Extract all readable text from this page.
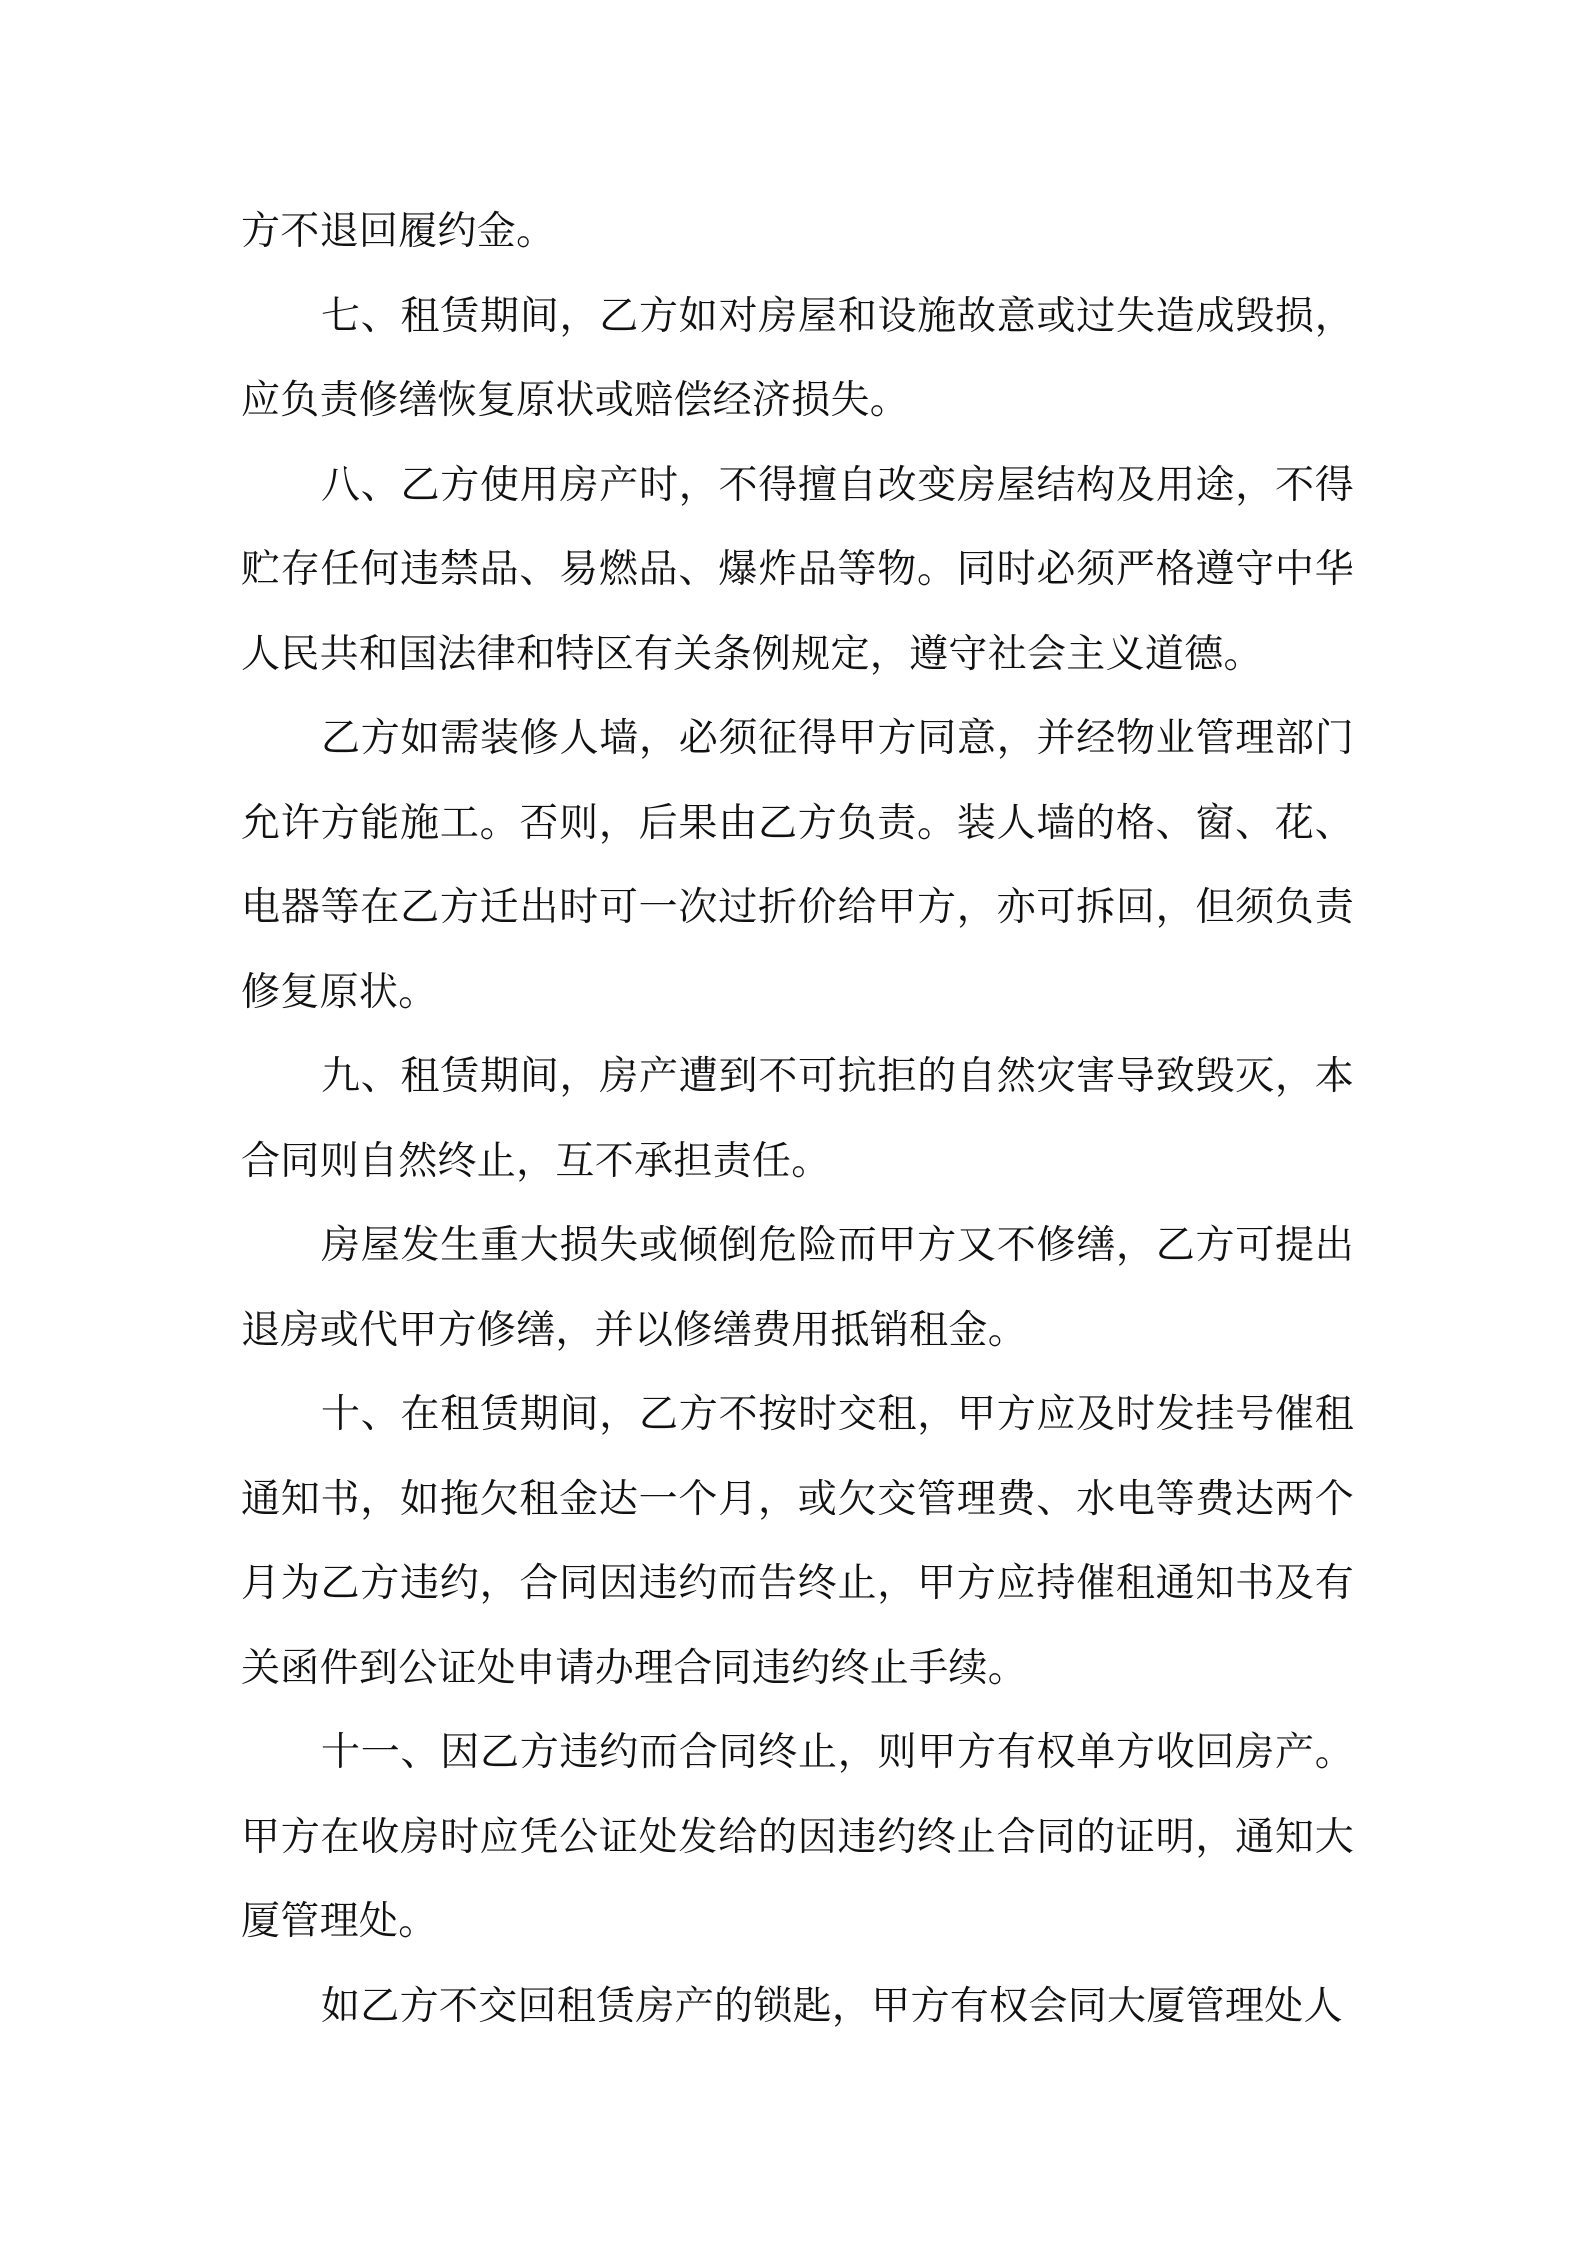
方不退回履约金。

七、租赁期间，乙方如对房屋和设施故意或过失造成毁损，应负责修缮恢复原状或赔偿经济损失。

八、乙方使用房产时，不得擅自改变房屋结构及用途，不得贮存任何违禁品、易燃品、爆炸品等物。同时必须严格遵守中华人民共和国法律和特区有关条例规定，遵守社会主义道德。

乙方如需装修人墙，必须征得甲方同意，并经物业管理部门允许方能施工。否则，后果由乙方负责。装人墙的格、窗、花、电器等在乙方迁出时可一次过折价给甲方，亦可拆回，但须负责修复原状。

九、租赁期间，房产遭到不可抗拒的自然灾害导致毁灭，本合同则自然终止，互不承担责任。

房屋发生重大损失或倾倒危险而甲方又不修缮，乙方可提出退房或代甲方修缮，并以修缮费用抵销租金。

十、在租赁期间，乙方不按时交租，甲方应及时发挂号催租通知书，如拖欠租金达一个月，或欠交管理费、水电等费达两个月为乙方违约，合同因违约而告终止，甲方应持催租通知书及有关函件到公证处申请办理合同违约终止手续。

十一、因乙方违约而合同终止，则甲方有权单方收回房产。甲方在收房时应凭公证处发给的因违约终止合同的证明，通知大厦管理处。

如乙方不交回租赁房产的锁匙，甲方有权会同大厦管理处人
